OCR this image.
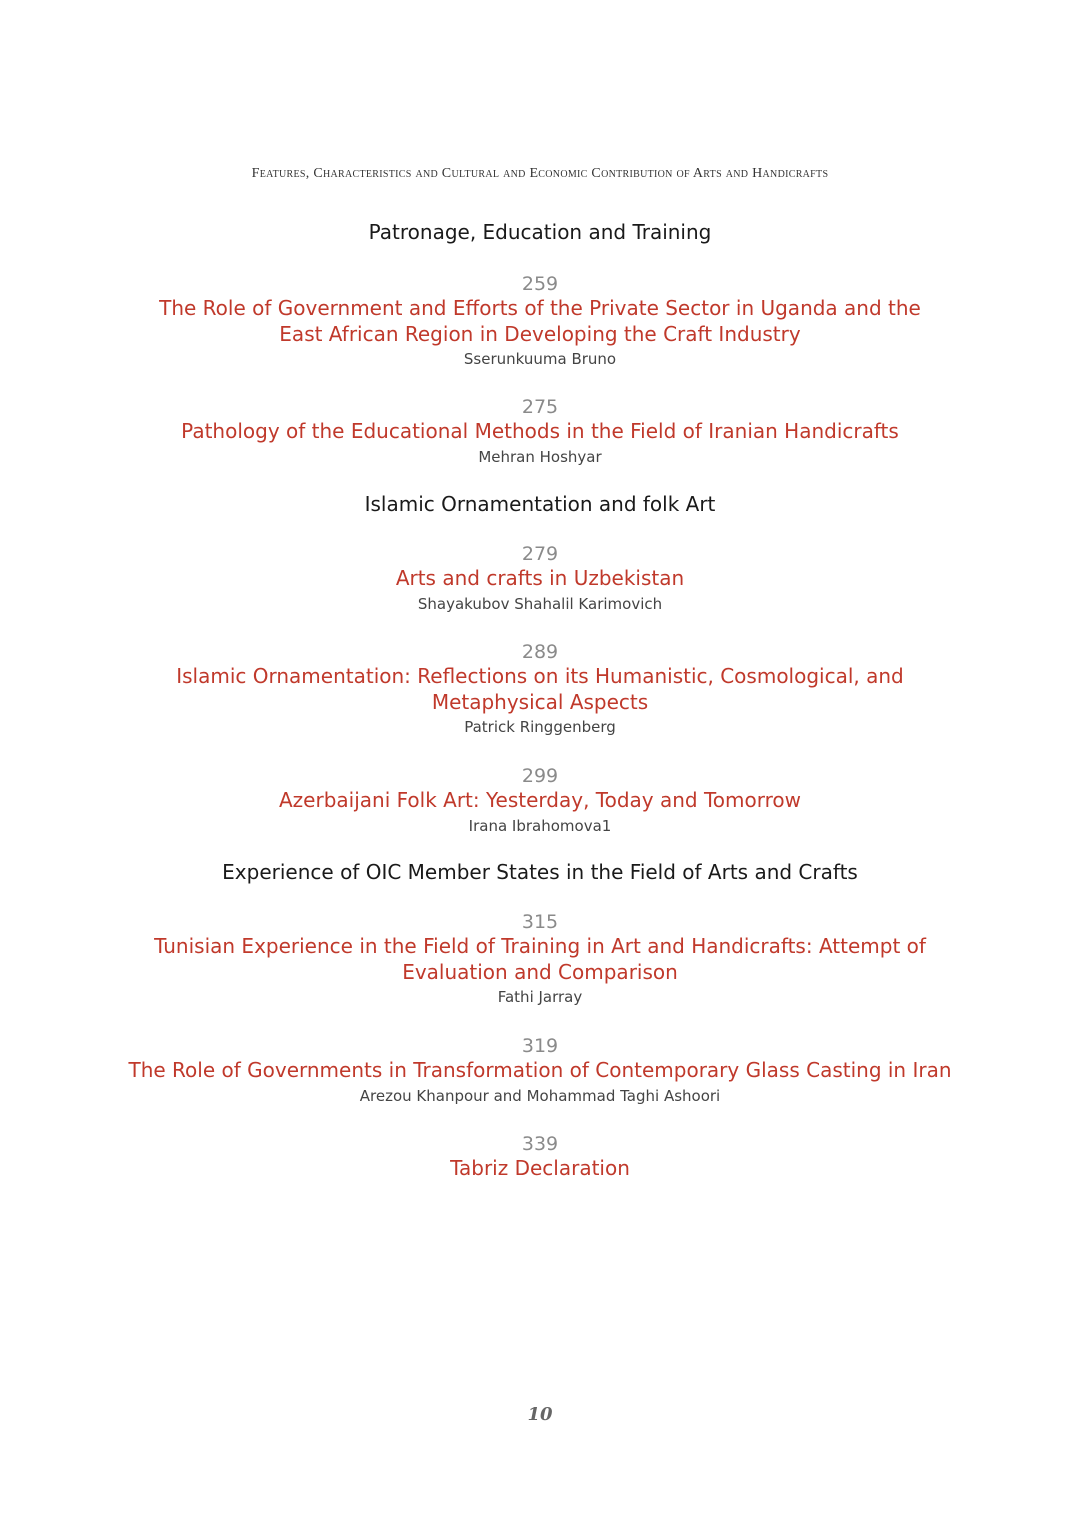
Features, Characteristics and Cultural and Economic Contribution of Arts and Handicrafts
Patronage, Education and Training
259
The Role of Government and Efforts of the Private Sector in Uganda and the East African Region in Developing the Craft Industry
Sserunkuuma Bruno
275
Pathology of the Educational Methods in the Field of Iranian Handicrafts
Mehran Hoshyar
Islamic Ornamentation and folk Art
279
Arts and crafts in Uzbekistan
Shayakubov Shahalil Karimovich
289
Islamic Ornamentation: Reflections on its Humanistic, Cosmological, and Metaphysical Aspects
Patrick Ringgenberg
299
Azerbaijani Folk Art: Yesterday, Today and Tomorrow
Irana Ibrahomova1
Experience of OIC Member States in the Field of Arts and Crafts
315
Tunisian Experience in the Field of Training in Art and Handicrafts: Attempt of Evaluation and Comparison
Fathi Jarray
319
The Role of Governments in Transformation of Contemporary Glass Casting in Iran
Arezou Khanpour and Mohammad Taghi Ashoori
339
Tabriz Declaration
10
